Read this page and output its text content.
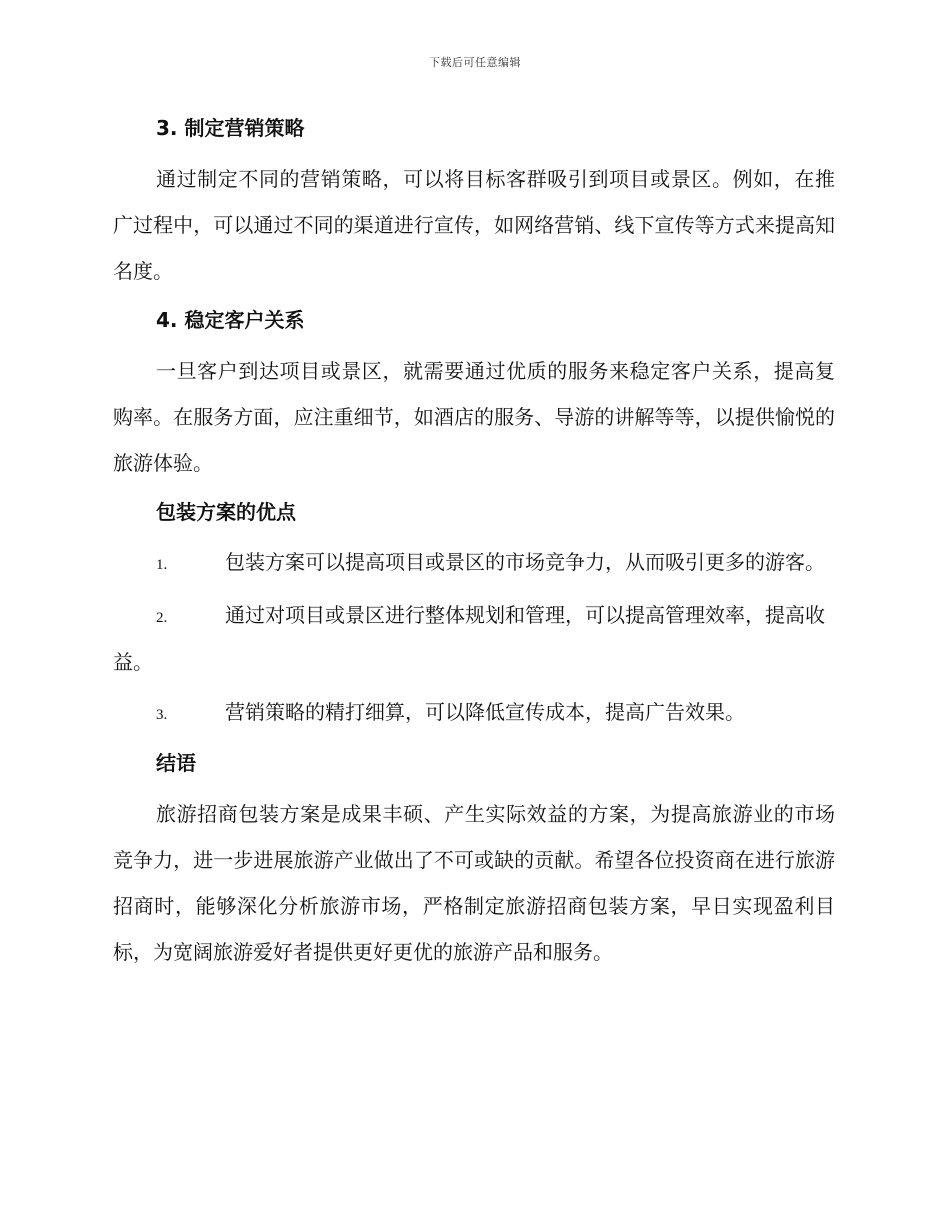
下载后可任意编辑
3. 制定营销策略

通过制定不同的营销策略，可以将目标客群吸引到项目或景区。例如，在推广过程中，可以通过不同的渠道进行宣传，如网络营销、线下宣传等方式来提高知名度。

4. 稳定客户关系

一旦客户到达项目或景区，就需要通过优质的服务来稳定客户关系，提高复购率。在服务方面，应注重细节，如酒店的服务、导游的讲解等等，以提供愉悦的旅游体验。

包装方案的优点

1.	包装方案可以提高项目或景区的市场竞争力，从而吸引更多的游客。

2.	通过对项目或景区进行整体规划和管理，可以提高管理效率，提高收益。

3.	营销策略的精打细算，可以降低宣传成本，提高广告效果。

结语

旅游招商包装方案是成果丰硕、产生实际效益的方案，为提高旅游业的市场竞争力，进一步进展旅游产业做出了不可或缺的贡献。希望各位投资商在进行旅游招商时，能够深化分析旅游市场，严格制定旅游招商包装方案，早日实现盈利目标，为宽阔旅游爱好者提供更好更优的旅游产品和服务。
